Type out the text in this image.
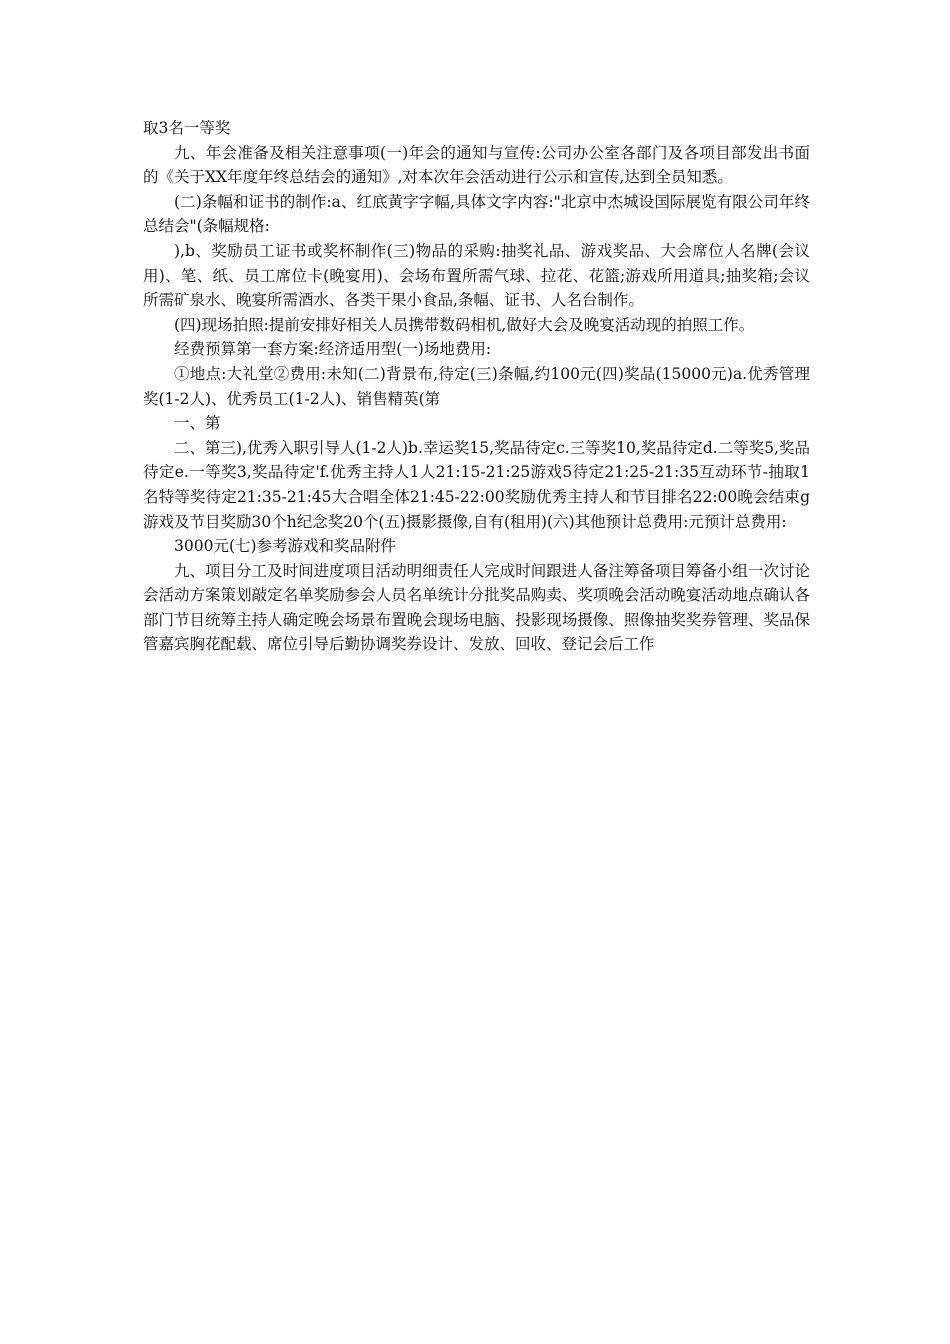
取3名一等奖

九、年会准备及相关注意事项(一)年会的通知与宣传:公司办公室各部门及各项目部发出书面的《关于XX年度年终总结会的通知》,对本次年会活动进行公示和宣传,达到全员知悉。

(二)条幅和证书的制作:a、红底黄字字幅,具体文字内容:"北京中杰城设国际展览有限公司年终总结会"(条幅规格:

),b、奖励员工证书或奖杯制作(三)物品的采购:抽奖礼品、游戏奖品、大会席位人名牌(会议用)、笔、纸、员工席位卡(晚宴用)、会场布置所需气球、拉花、花篮;游戏所用道具;抽奖箱;会议所需矿泉水、晚宴所需酒水、各类干果小食品,条幅、证书、人名台制作。

(四)现场拍照:提前安排好相关人员携带数码相机,做好大会及晚宴活动现的拍照工作。

经费预算第一套方案:经济适用型(一)场地费用:

①地点:大礼堂②费用:未知(二)背景布,待定(三)条幅,约100元(四)奖品(15000元)a.优秀管理奖(1-2人)、优秀员工(1-2人)、销售精英(第

一、第

二、第三),优秀入职引导人(1-2人)b.幸运奖15,奖品待定c.三等奖10,奖品待定d.二等奖5,奖品待定e.一等奖3,奖品待定'f.优秀主持人1人21:15-21:25游戏5待定21:25-21:35互动环节-抽取1名特等奖待定21:35-21:45大合唱全体21:45-22:00奖励优秀主持人和节目排名22:00晚会结束g游戏及节目奖励30个h纪念奖20个(五)摄影摄像,自有(租用)(六)其他预计总费用:元预计总费用:

3000元(七)参考游戏和奖品附件

九、项目分工及时间进度项目活动明细责任人完成时间跟进人备注筹备项目筹备小组一次讨论会活动方案策划敲定名单奖励参会人员名单统计分批奖品购卖、奖项晚会活动晚宴活动地点确认各部门节目统筹主持人确定晚会场景布置晚会现场电脑、投影现场摄像、照像抽奖奖券管理、奖品保管嘉宾胸花配载、席位引导后勤协调奖券设计、发放、回收、登记会后工作
